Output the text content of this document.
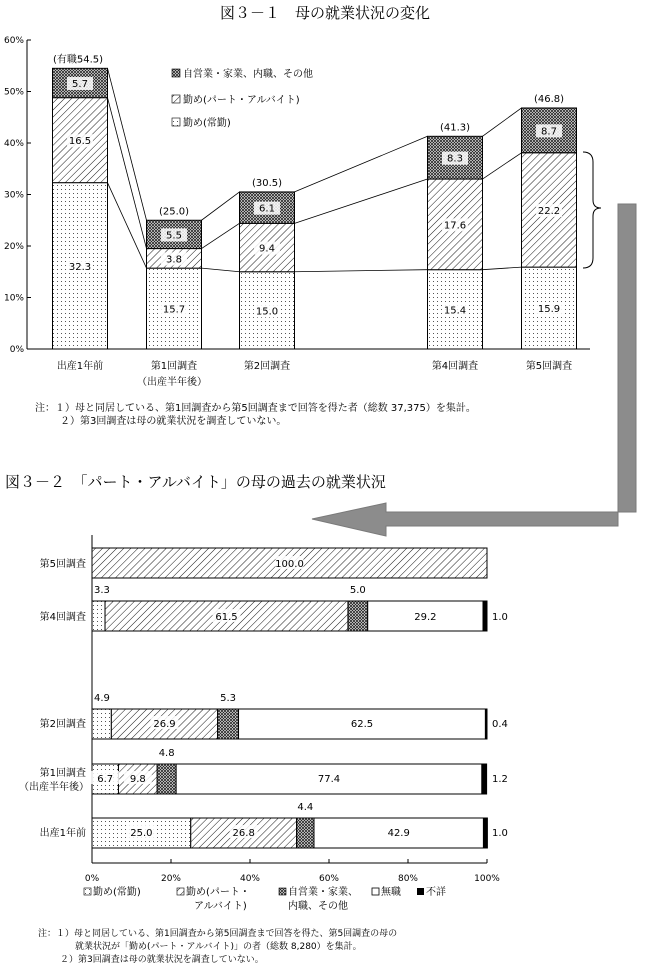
図３－１　母の就業状況の変化
0%
10%
20%
30%
40%
50%
60%
出産1年前	第1回調査
（出産半年後）
第2回調査	第4回調査	第5回調査
32.3
16.5
5.7
(有職54.5)
15.7
3.8
5.5
(25.0)
15.0
9.4
6.1
(30.5)
15.4
17.6
8.3
(41.3)
15.9
22.2
8.7
(46.8)
自営業・家業、内職、その他
勤め(パート・アルバイト)
勤め(常勤)
図３－２　「パート・アルバイト」の母の過去の就業状況
0%	20%	40%	60%	80%	100%
第5回調査
第4回調査
第2回調査
第1回調査
（出産半年後）
出産1年前
100.0
3.3
61.5
5.0
29.2	1.0
4.9
26.9
5.3
62.5	0.4
6.7 9.8
4.8
77.4	1.2
25.0	26.8
4.4
42.9	1.0
勤め(常勤)	勤め(パート・
アルバイト)
自営業・家業、
内職、その他
無職	不詳
注：１）母と同居している、第1回調査から第5回調査まで回答を得た者（総数 37,375）を集計。
２）第3回調査は母の就業状況を調査していない。
注：１）母と同居している、第1回調査から第5回調査まで回答を得た、第5回調査の母の
就業状況が「勤め(パート・アルバイト)」の者（総数 8,280）を集計。
２）第3回調査は母の就業状況を調査していない。
